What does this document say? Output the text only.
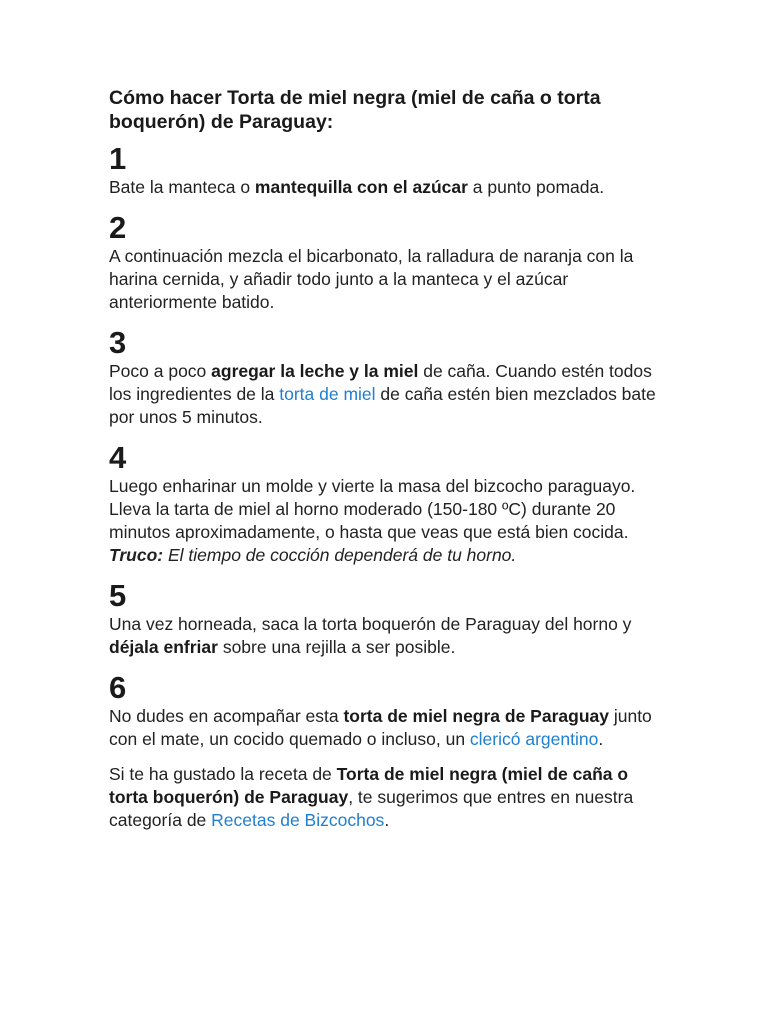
Cómo hacer Torta de miel negra (miel de caña o torta boquerón) de Paraguay:
1

Bate la manteca o mantequilla con el azúcar a punto pomada.

2

A continuación mezcla el bicarbonato, la ralladura de naranja con la harina cernida, y añadir todo junto a la manteca y el azúcar anteriormente batido.

3

Poco a poco agregar la leche y la miel de caña. Cuando estén todos los ingredientes de la torta de miel de caña estén bien mezclados bate por unos 5 minutos.

4

Luego enharinar un molde y vierte la masa del bizcocho paraguayo. Lleva la tarta de miel al horno moderado (150-180 ºC) durante 20 minutos aproximadamente, o hasta que veas que está bien cocida.

Truco: El tiempo de cocción dependerá de tu horno.

5

Una vez horneada, saca la torta boquerón de Paraguay del horno y déjala enfriar sobre una rejilla a ser posible.

6

No dudes en acompañar esta torta de miel negra de Paraguay junto con el mate, un cocido quemado o incluso, un clericó argentino.

Si te ha gustado la receta de Torta de miel negra (miel de caña o torta boquerón) de Paraguay, te sugerimos que entres en nuestra categoría de Recetas de Bizcochos.
